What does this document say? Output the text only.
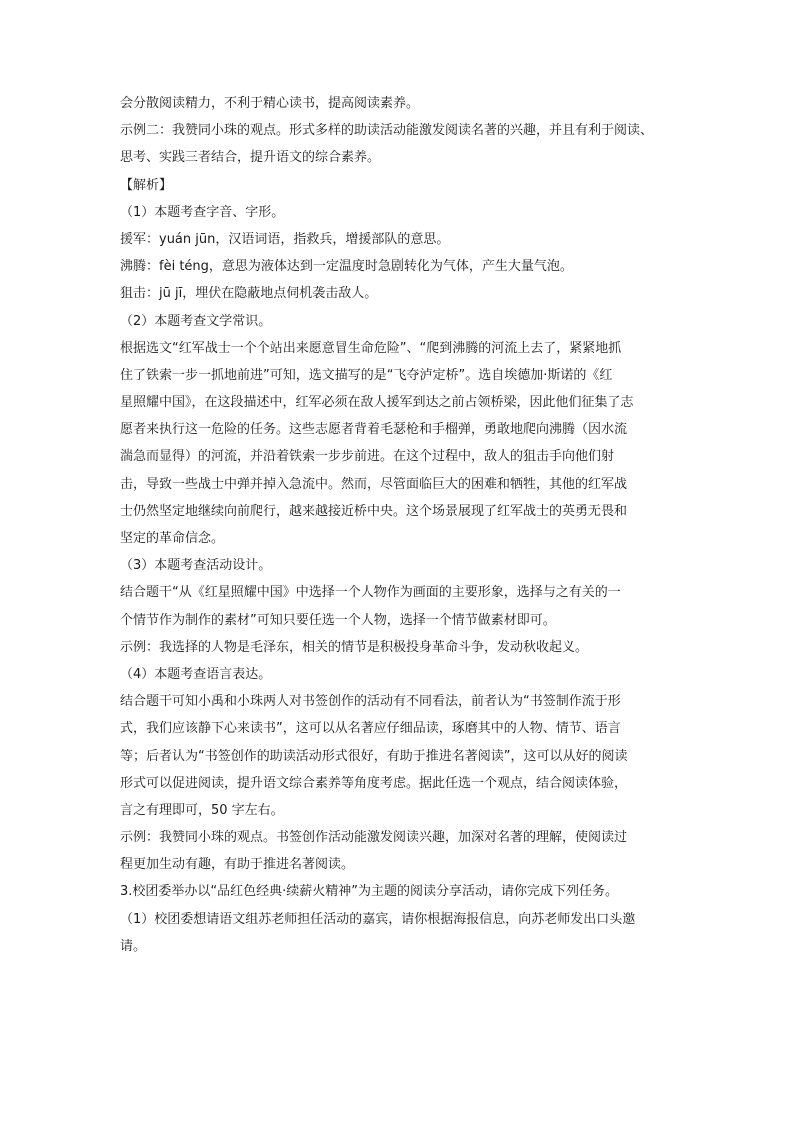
会分散阅读精力，不利于精心读书，提高阅读素养。
示例二：我赞同小珠的观点。形式多样的助读活动能激发阅读名著的兴趣，并且有利于阅读、
思考、实践三者结合，提升语文的综合素养。
【解析】
（1）本题考查字音、字形。
援军：yuán jūn，汉语词语，指救兵，增援部队的意思。
沸腾：fèi téng，意思为液体达到一定温度时急剧转化为气体，产生大量气泡。
狙击：jū jī，埋伏在隐蔽地点伺机袭击敌人。
（2）本题考查文学常识。
根据选文“红军战士一个个站出来愿意冒生命危险”、“爬到沸腾的河流上去了，紧紧地抓
住了铁索一步一抓地前进”可知，选文描写的是“飞夺泸定桥”。选自埃德加·斯诺的《红
星照耀中国》，在这段描述中，红军必须在敌人援军到达之前占领桥梁，因此他们征集了志
愿者来执行这一危险的任务。这些志愿者背着毛瑟枪和手榴弹，勇敢地爬向沸腾（因水流
湍急而显得）的河流，并沿着铁索一步步前进。在这个过程中，敌人的狙击手向他们射
击，导致一些战士中弹并掉入急流中。然而，尽管面临巨大的困难和牺牲，其他的红军战
士仍然坚定地继续向前爬行，越来越接近桥中央。这个场景展现了红军战士的英勇无畏和
坚定的革命信念。
（3）本题考查活动设计。
结合题干“从《红星照耀中国》中选择一个人物作为画面的主要形象，选择与之有关的一
个情节作为制作的素材”可知只要任选一个人物，选择一个情节做素材即可。
示例：我选择的人物是毛泽东，相关的情节是积极投身革命斗争，发动秋收起义。
（4）本题考查语言表达。
结合题干可知小禹和小珠两人对书签创作的活动有不同看法，前者认为“书签制作流于形
式，我们应该静下心来读书”，这可以从名著应仔细品读，琢磨其中的人物、情节、语言
等；后者认为“书签创作的助读活动形式很好，有助于推进名著阅读”，这可以从好的阅读
形式可以促进阅读，提升语文综合素养等角度考虑。据此任选一个观点，结合阅读体验，
言之有理即可，50 字左右。
示例：我赞同小珠的观点。书签创作活动能激发阅读兴趣，加深对名著的理解，使阅读过
程更加生动有趣，有助于推进名著阅读。
3.校团委举办以“品红色经典·续薪火精神”为主题的阅读分享活动，请你完成下列任务。
（1）校团委想请语文组苏老师担任活动的嘉宾，请你根据海报信息，向苏老师发出口头邀
请。
